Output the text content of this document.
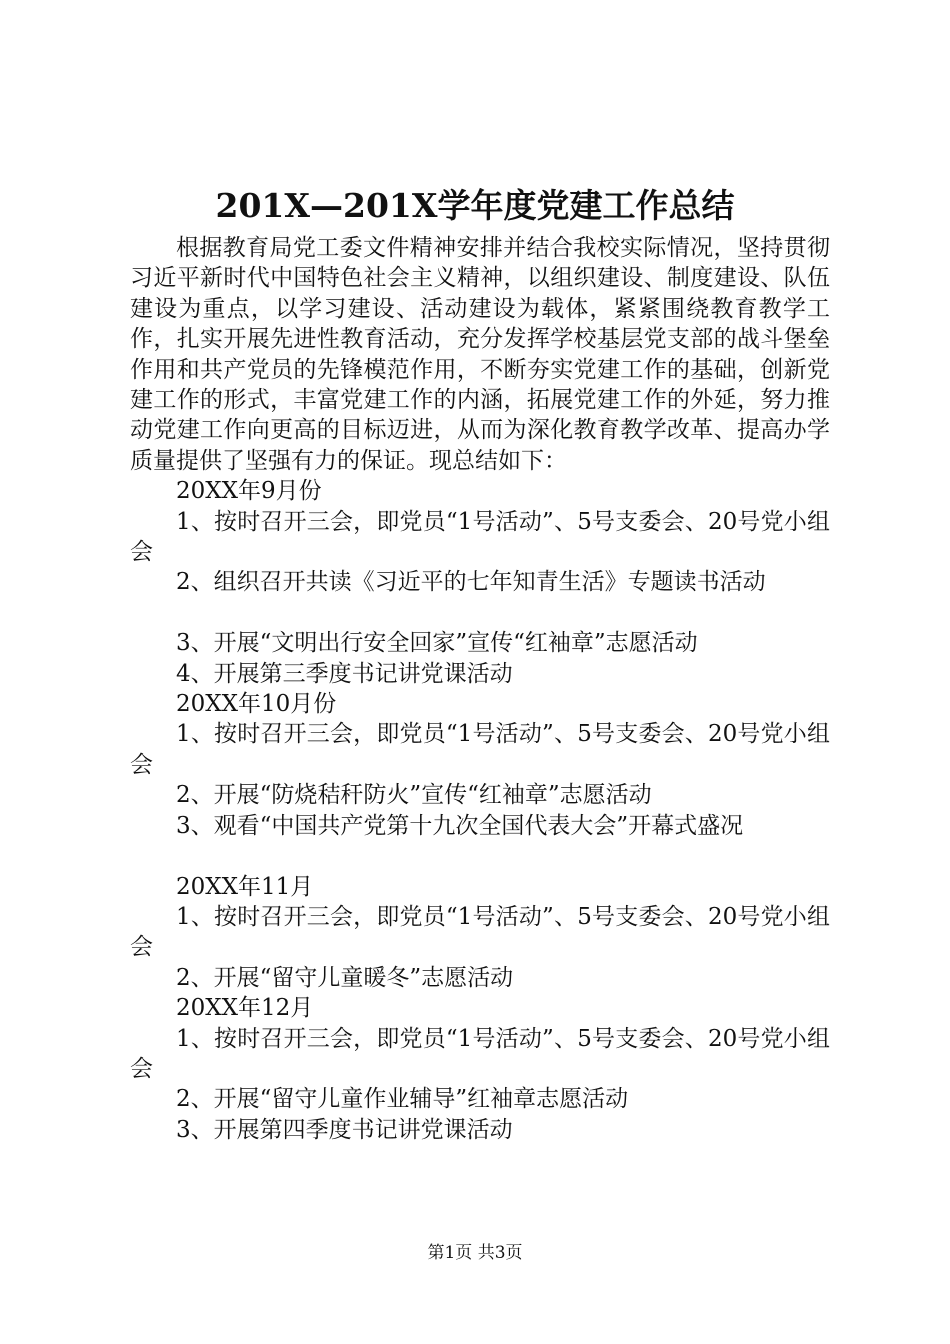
201X—201X学年度党建工作总结

根据教育局党工委文件精神安排并结合我校实际情况，坚持贯彻习近平新时代中国特色社会主义精神，以组织建设、制度建设、队伍建设为重点，以学习建设、活动建设为载体，紧紧围绕教育教学工作，扎实开展先进性教育活动，充分发挥学校基层党支部的战斗堡垒作用和共产党员的先锋模范作用，不断夯实党建工作的基础，创新党建工作的形式，丰富党建工作的内涵，拓展党建工作的外延，努力推动党建工作向更高的目标迈进，从而为深化教育教学改革、提高办学质量提供了坚强有力的保证。现总结如下：

20XX年9月份

1、按时召开三会，即党员“1号活动”、5号支委会、20号党小组会

2、组织召开共读《习近平的七年知青生活》专题读书活动

3、开展“文明出行安全回家”宣传“红袖章”志愿活动

4、开展第三季度书记讲党课活动

20XX年10月份

1、按时召开三会，即党员“1号活动”、5号支委会、20号党小组会

2、开展“防烧秸秆防火”宣传“红袖章”志愿活动

3、观看“中国共产党第十九次全国代表大会”开幕式盛况

20XX年11月

1、按时召开三会，即党员“1号活动”、5号支委会、20号党小组会

2、开展“留守儿童暖冬”志愿活动

20XX年12月

1、按时召开三会，即党员“1号活动”、5号支委会、20号党小组会

2、开展“留守儿童作业辅导”红袖章志愿活动

3、开展第四季度书记讲党课活动

第1页 共3页
